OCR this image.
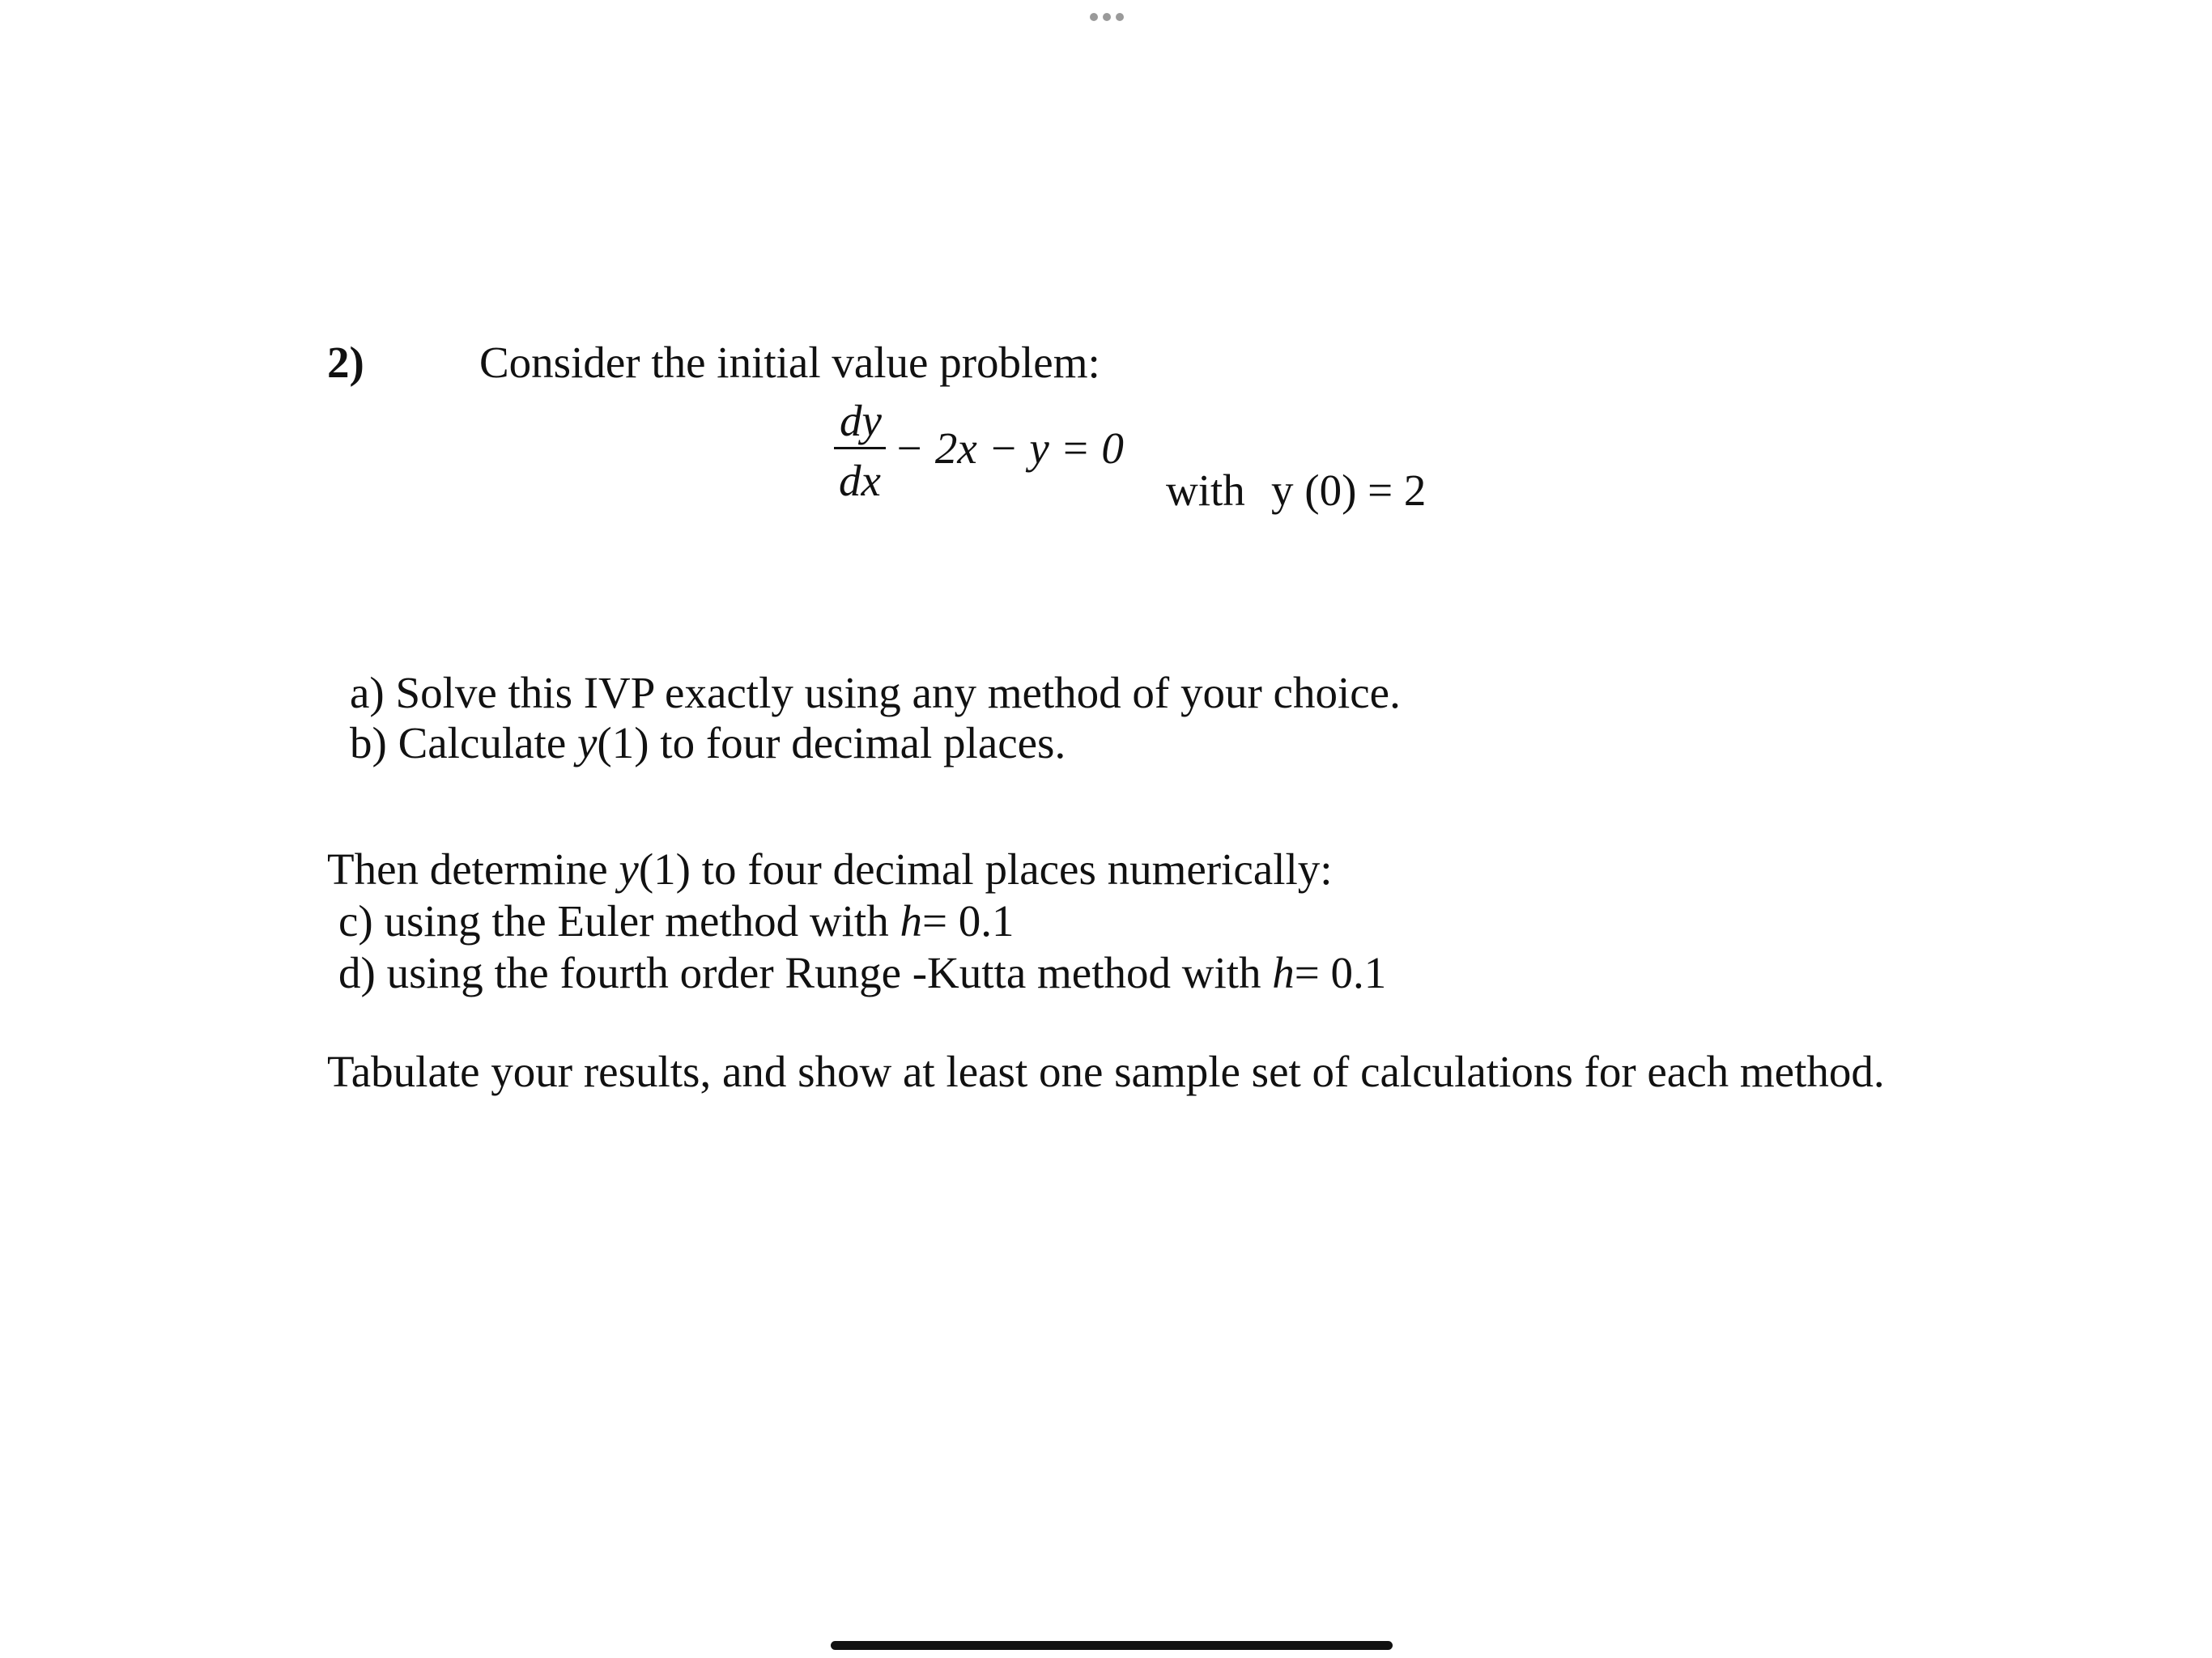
2)	Consider the initial value problem:
dy
dx
− 2x − y = 0
with y (0) = 2
a) Solve this IVP exactly using any method of your choice.
b) Calculate y(1) to four decimal places.
Then determine y(1) to four decimal places numerically:
c) using the Euler method with h= 0.1
d) using the fourth order Runge -Kutta method with h= 0.1
Tabulate your results, and show at least one sample set of calculations for each method.
